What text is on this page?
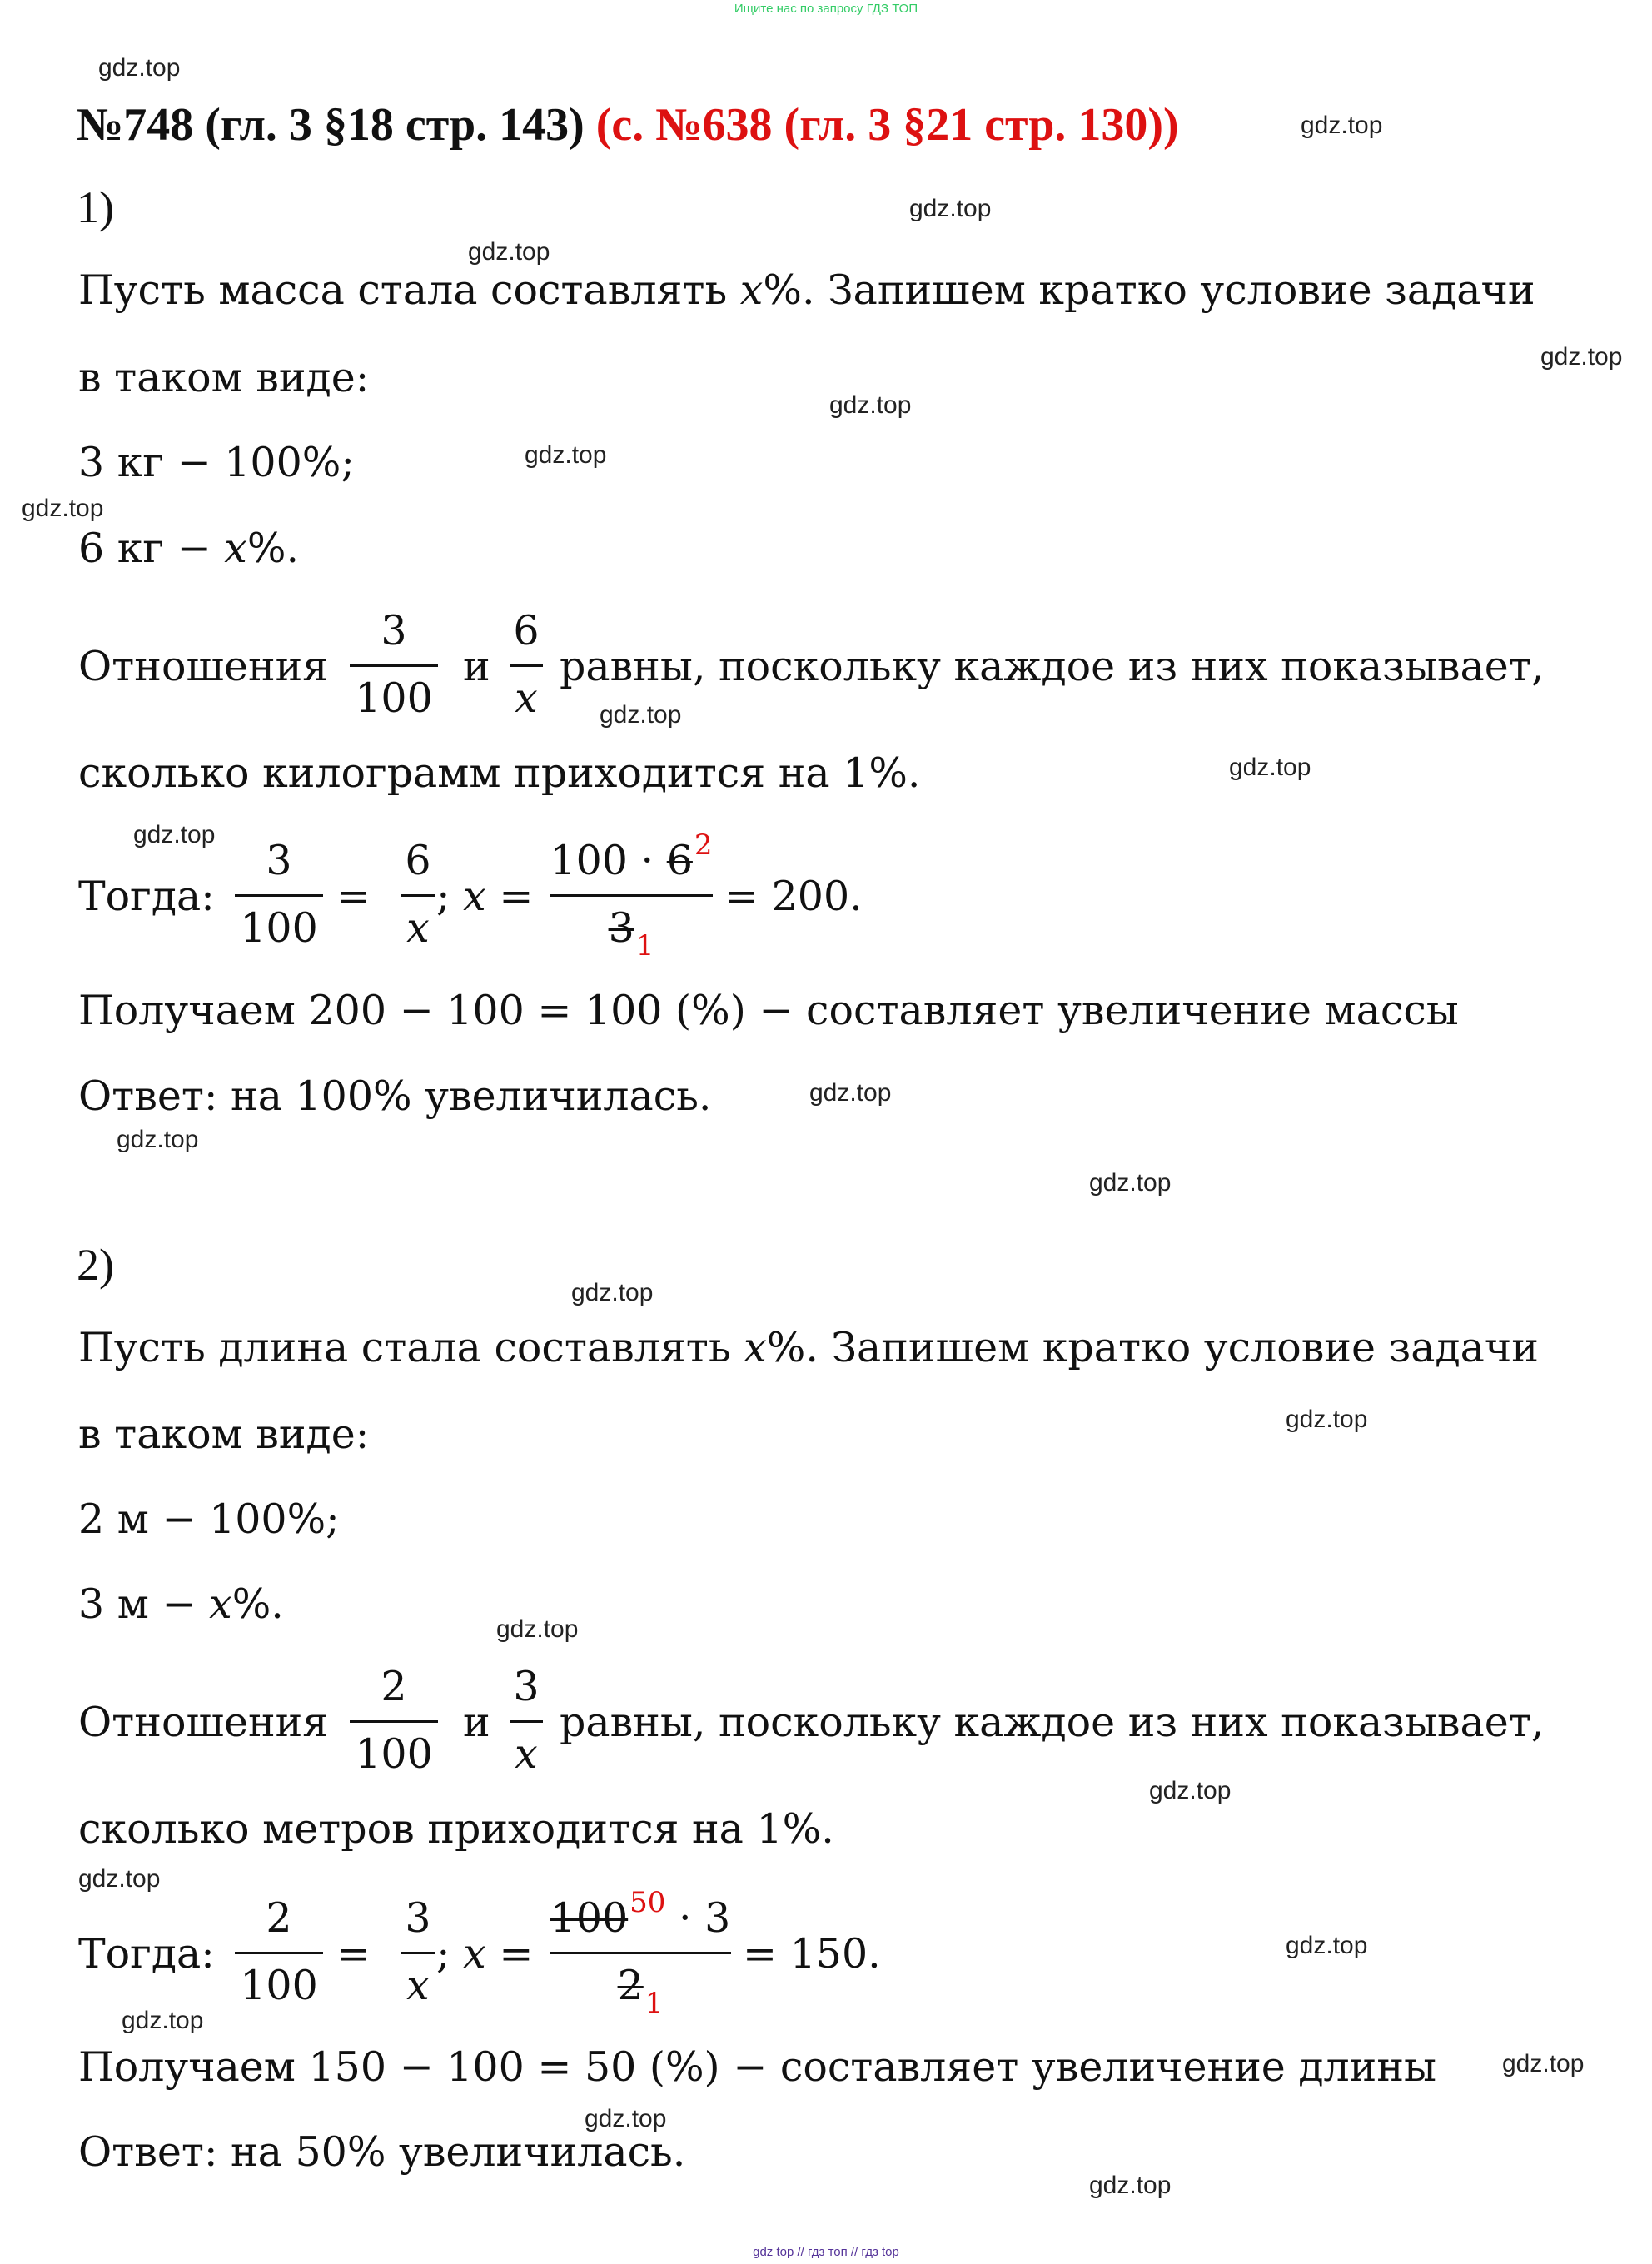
Ищите нас по запросу ГДЗ ТОП
gdz.top
gdz.top
gdz.top
gdz.top
gdz.top
gdz.top
gdz.top
gdz.top
gdz.top
gdz.top
gdz.top
gdz.top
gdz.top
gdz.top
gdz.top
gdz.top
gdz.top
gdz.top
gdz.top
gdz.top
gdz.top
gdz.top
gdz.top
gdz.top
№748 (гл. 3 §18 стр. 143) (с. №638 (гл. 3 §21 стр. 130))
1)
Пусть масса стала составлять x%. Запишем кратко условие задачи
в таком виде:
3 кг − 100%;
6 кг − x%.
Отношения
3
100
и
6
x
равны, поскольку каждое из них показывает,
сколько килограмм приходится на 1%.
Тогда:
3
100
=
6
x
; x =
$100 \cdot 6^2$
$3_1$
= 200.
Получаем 200 − 100 = 100 (%) − составляет увеличение массы
Ответ: на 100% увеличилась.
2)
Пусть длина стала составлять x%. Запишем кратко условие задачи
в таком виде:
2 м − 100%;
3 м − x%.
Отношения
2
100
и
3
x
равны, поскольку каждое из них показывает,
сколько метров приходится на 1%.
Тогда:
2
100
=
3
x
; x =
$100^{50} \cdot 3$
$2_1$
= 150.
Получаем 150 − 100 = 50 (%) − составляет увеличение длины
Ответ: на 50% увеличилась.
gdz top // гдз топ // гдз top
